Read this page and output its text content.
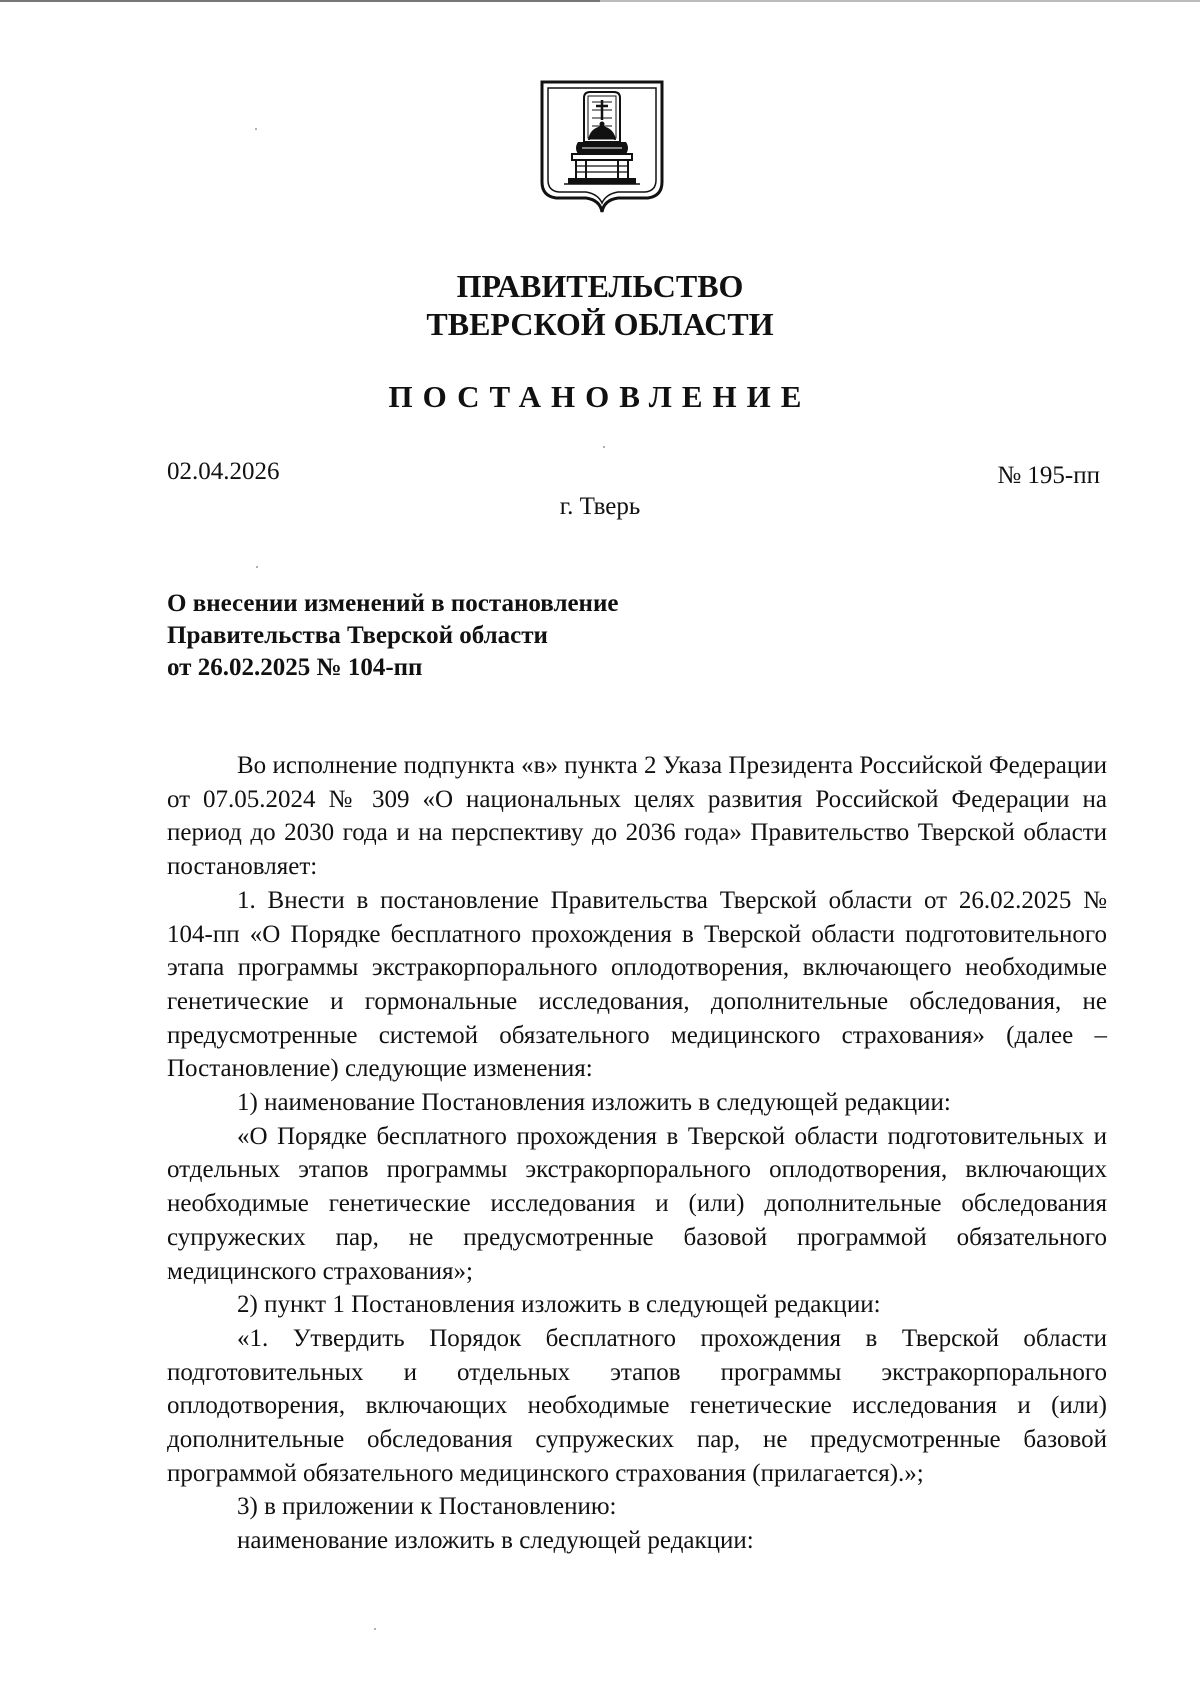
ПРАВИТЕЛЬСТВО
ТВЕРСКОЙ ОБЛАСТИ
ПОСТАНОВЛЕНИЕ
02.04.2026	№ 195-пп
г. Тверь
О внесении изменений в постановление
Правительства Тверской области
от 26.02.2025 № 104-пп

Во исполнение подпункта «в» пункта 2 Указа Президента Российской Федерации от 07.05.2024 № 309 «О национальных целях развития Российской Федерации на период до 2030 года и на перспективу до 2036 года» Правительство Тверской области постановляет:

1. Внести в постановление Правительства Тверской области от 26.02.2025 № 104-пп «О Порядке бесплатного прохождения в Тверской области подготовительного этапа программы экстракорпорального оплодотворения, включающего необходимые генетические и гормональные исследования, дополнительные обследования, не предусмотренные системой обязательного медицинского страхования» (далее – Постановление) следующие изменения:

1) наименование Постановления изложить в следующей редакции:

«О Порядке бесплатного прохождения в Тверской области подготовительных и отдельных этапов программы экстракорпорального оплодотворения, включающих необходимые генетические исследования и (или) дополнительные обследования супружеских пар, не предусмотренные базовой программой обязательного медицинского страхования»;

2) пункт 1 Постановления изложить в следующей редакции:

«1. Утвердить Порядок бесплатного прохождения в Тверской области подготовительных и отдельных этапов программы экстракорпорального оплодотворения, включающих необходимые генетические исследования и (или) дополнительные обследования супружеских пар, не предусмотренные базовой программой обязательного медицинского страхования (прилагается).»;

3) в приложении к Постановлению:

наименование изложить в следующей редакции:
